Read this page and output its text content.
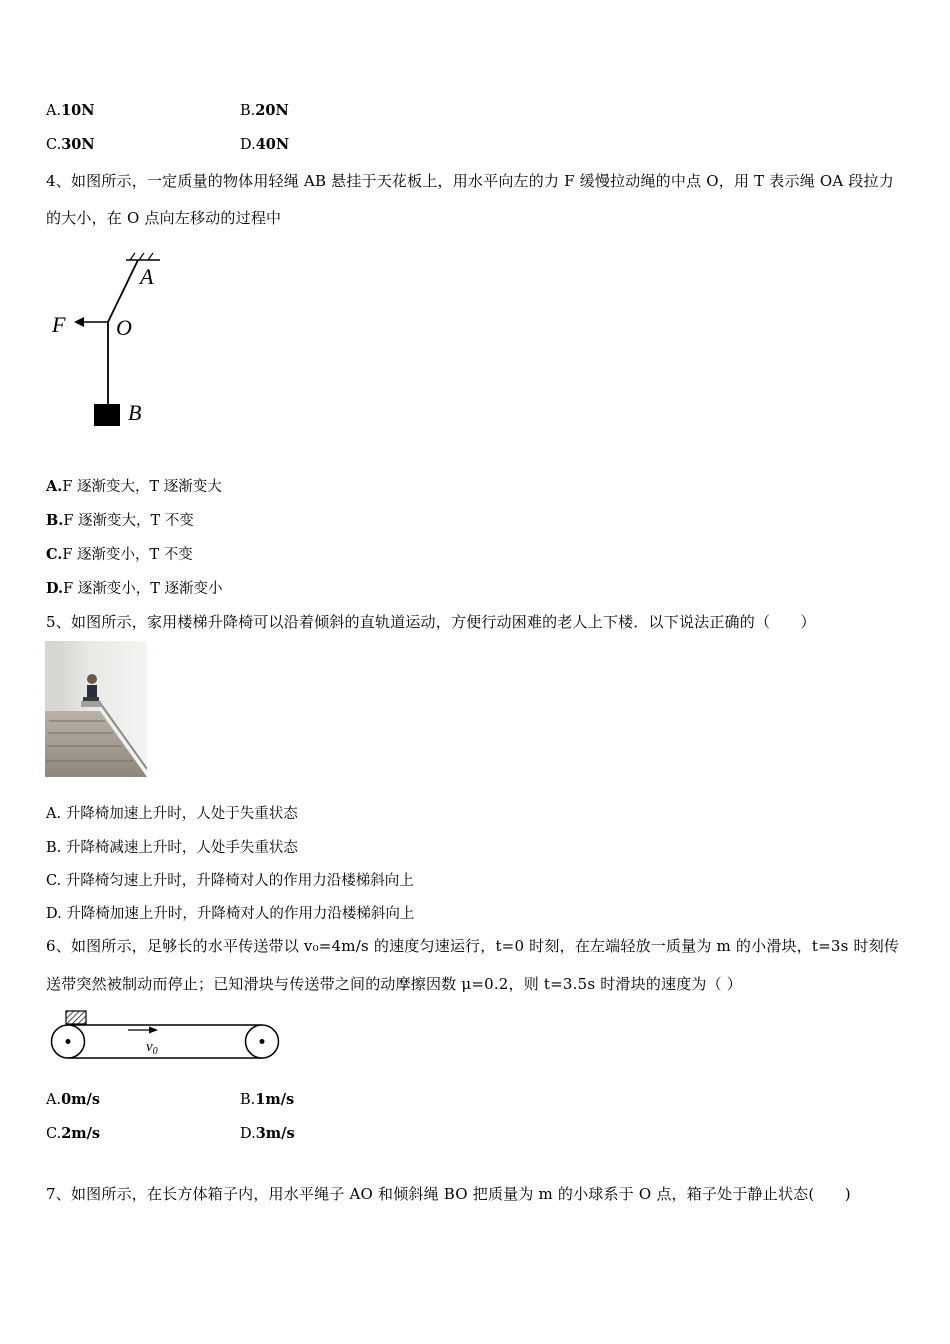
A.10N	B.20N
C.30N	D.40N
4、如图所示，一定质量的物体用轻绳 AB 悬挂于天花板上，用水平向左的力 F 缓慢拉动绳的中点 O，用 T 表示绳 OA 段拉力
的大小，在 O 点向左移动的过程中
A
F O
B
A.F 逐渐变大，T 逐渐变大
B.F 逐渐变大，T 不变
C.F 逐渐变小，T 不变
D.F 逐渐变小，T 逐渐变小
5、如图所示，家用楼梯升降椅可以沿着倾斜的直轨道运动，方便行动困难的老人上下楼．以下说法正确的（　　）
A. 升降椅加速上升时，人处于失重状态
B. 升降椅减速上升时，人处手失重状态
C. 升降椅匀速上升时，升降椅对人的作用力沿楼梯斜向上
D. 升降椅加速上升时，升降椅对人的作用力沿楼梯斜向上
6、如图所示，足够长的水平传送带以 v₀=4m/s 的速度匀速运行，t=0 时刻，在左端轻放一质量为 m 的小滑块，t=3s 时刻传
送带突然被制动而停止；已知滑块与传送带之间的动摩擦因数 μ=0.2，则 t=3.5s 时滑块的速度为（ ）
$v_0$
A.0m/s	B.1m/s
C.2m/s	D.3m/s
7、如图所示，在长方体箱子内，用水平绳子 AO 和倾斜绳 BO 把质量为 m 的小球系于 O 点，箱子处于静止状态(　　)
